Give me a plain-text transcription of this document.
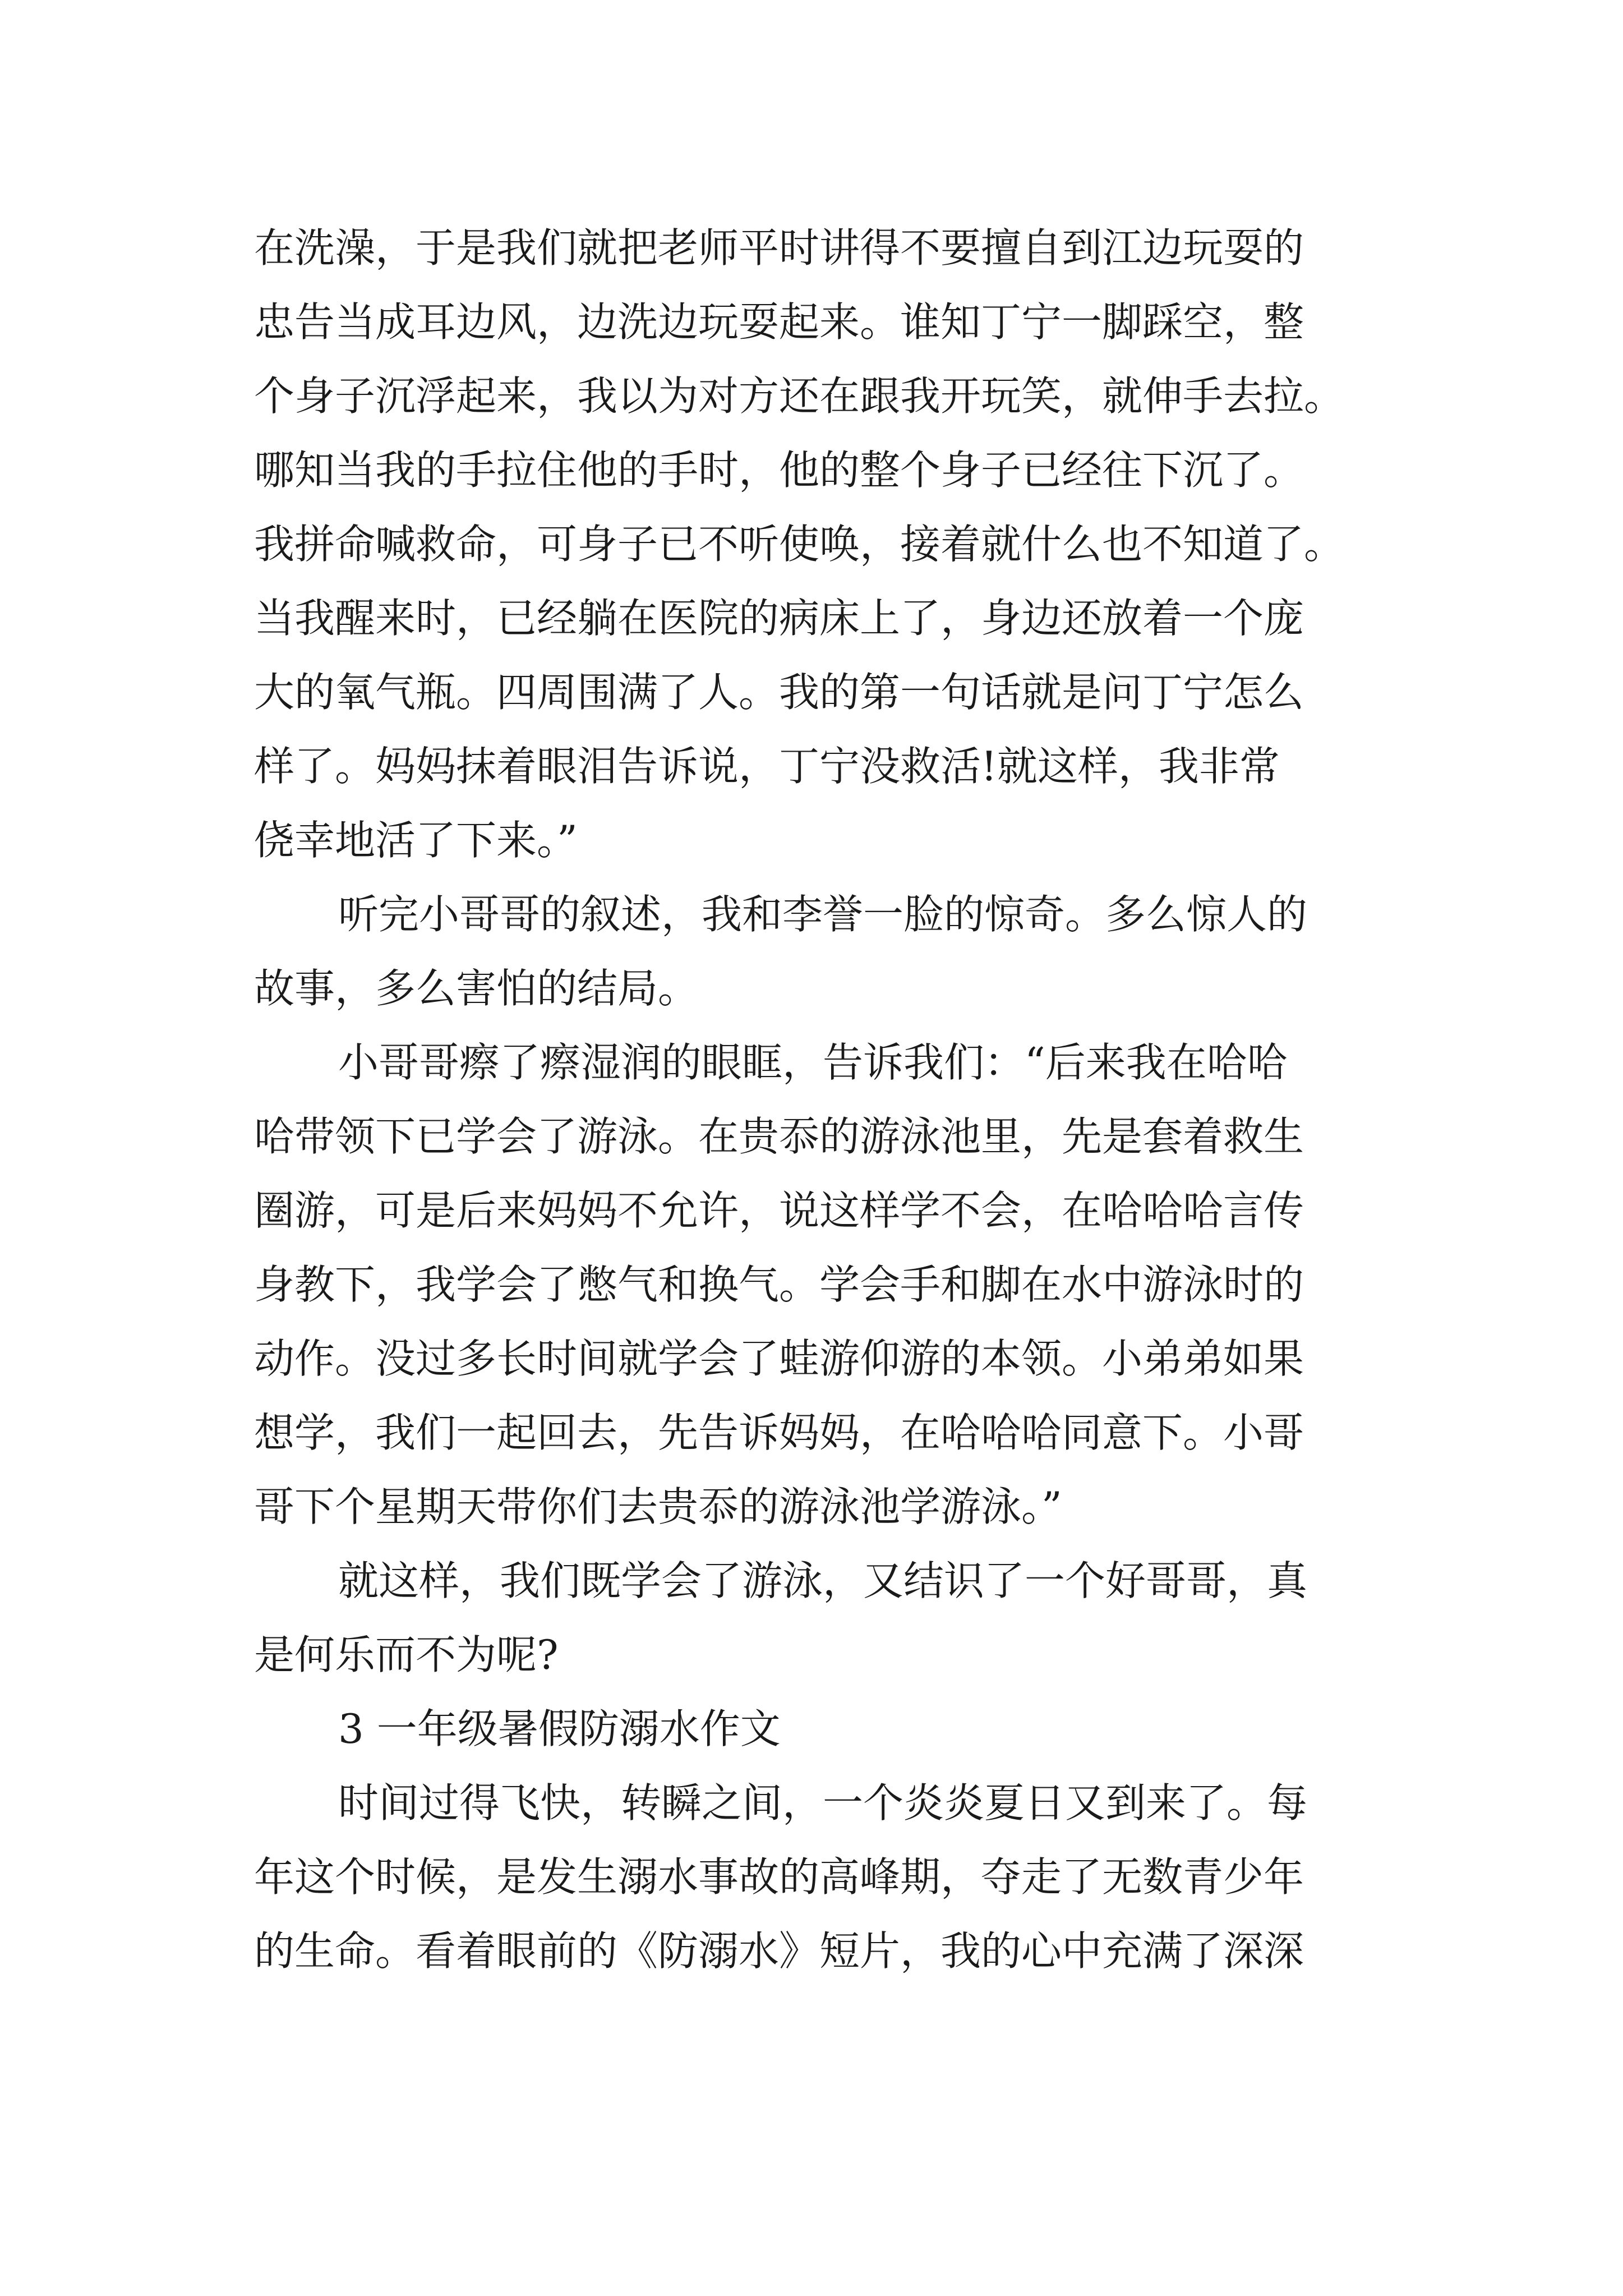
在洗澡，于是我们就把老师平时讲得不要擅自到江边玩耍的
忠告当成耳边风，边洗边玩耍起来。谁知丁宁一脚踩空，整
个身子沉浮起来，我以为对方还在跟我开玩笑，就伸手去拉。
哪知当我的手拉住他的手时，他的整个身子已经往下沉了。
我拼命喊救命，可身子已不听使唤，接着就什么也不知道了。
当我醒来时，已经躺在医院的病床上了，身边还放着一个庞
大的氧气瓶。四周围满了人。我的第一句话就是问丁宁怎么
样了。妈妈抹着眼泪告诉说，丁宁没救活!就这样，我非常
侥幸地活了下来。”
听完小哥哥的叙述，我和李誉一脸的惊奇。多么惊人的
故事，多么害怕的结局。
小哥哥瘵了瘵湿润的眼眶，告诉我们：“后来我在哈哈
哈带领下已学会了游泳。在贵忝的游泳池里，先是套着救生
圈游，可是后来妈妈不允许，说这样学不会，在哈哈哈言传
身教下，我学会了憋气和换气。学会手和脚在水中游泳时的
动作。没过多长时间就学会了蛙游仰游的本领。小弟弟如果
想学，我们一起回去，先告诉妈妈，在哈哈哈同意下。小哥
哥下个星期天带你们去贵忝的游泳池学游泳。”
就这样，我们既学会了游泳，又结识了一个好哥哥，真
是何乐而不为呢?
3 一年级暑假防溺水作文
时间过得飞快，转瞬之间，一个炎炎夏日又到来了。每
年这个时候，是发生溺水事故的高峰期，夺走了无数青少年
的生命。看着眼前的《防溺水》短片，我的心中充满了深深
